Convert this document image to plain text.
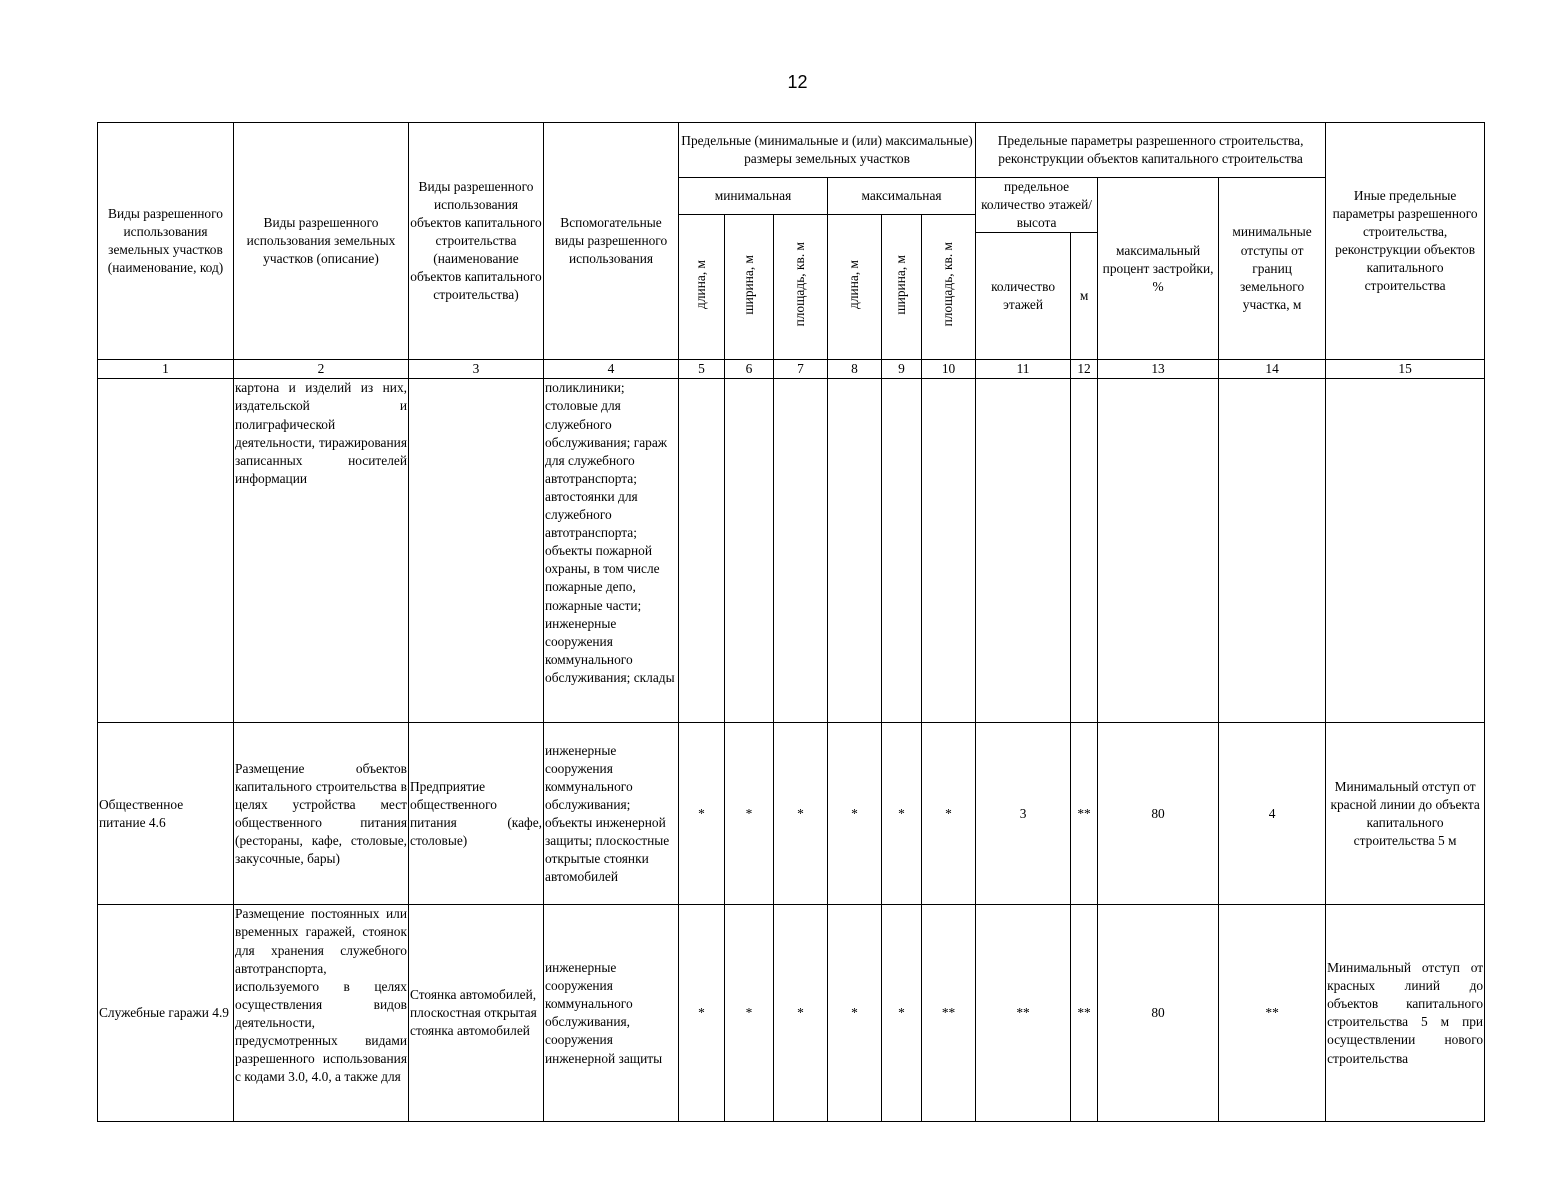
12
Виды разрешенного использования земельных участков (наименование, код)	Виды разрешенного использования земельных участков (описание)	Виды разрешенного использования объектов капитального строительства (наименование объектов капитального строительства)	Вспомогательные виды разрешенного использования	Предельные (минимальные и (или) максимальные) размеры земельных участков						Предельные параметры разрешенного строительства, реконструкции объектов капитального строительства				Иные предельные параметры разрешенного строительства, реконструкции объектов капитального строительства
				минимальная			максимальная			предельное количество этажей/высота		максимальный процент застройки, %	минимальные отступы от границ земельного участка, м	
				длина, м	ширина, м	площадь, кв. м	длина, м	ширина, м	площадь, кв. м					
										количество этажей	м			
1	2	3	4	5	6	7	8	9	10	11	12	13	14	15
	картона и изделий из них, издательской и полиграфической деятельности, тиражирования записанных носителей информации		поликлиники; столовые для служебного обслуживания; гараж для служебного автотранспорта; автостоянки для служебного автотранспорта; объекты пожарной охраны, в том числе пожарные депо, пожарные части; инженерные сооружения коммунального обслуживания; склады											
Общественное питание 4.6	Размещение объектов капитального строительства в целях устройства мест общественного питания (рестораны, кафе, столовые, закусочные, бары)	Предприятие общественного питания (кафе, столовые)	инженерные сооружения коммунального обслуживания; объекты инженерной защиты; плоскостные открытые стоянки автомобилей	*	*	*	*	*	*	3	**	80	4	Минимальный отступ от красной линии до объекта капитального строительства 5 м
Служебные гаражи 4.9	Размещение постоянных или временных гаражей, стоянок для хранения служебного автотранспорта, используемого в целях осуществления видов деятельности, предусмотренных видами разрешенного использования с кодами 3.0, 4.0, а также для	Стоянка автомобилей, плоскостная открытая стоянка автомобилей	инженерные сооружения коммунального обслуживания, сооружения инженерной защиты	*	*	*	*	*	**	**	**	80	**	Минимальный отступ от красных линий до объектов капитального строительства 5 м при осуществлении нового строительства
